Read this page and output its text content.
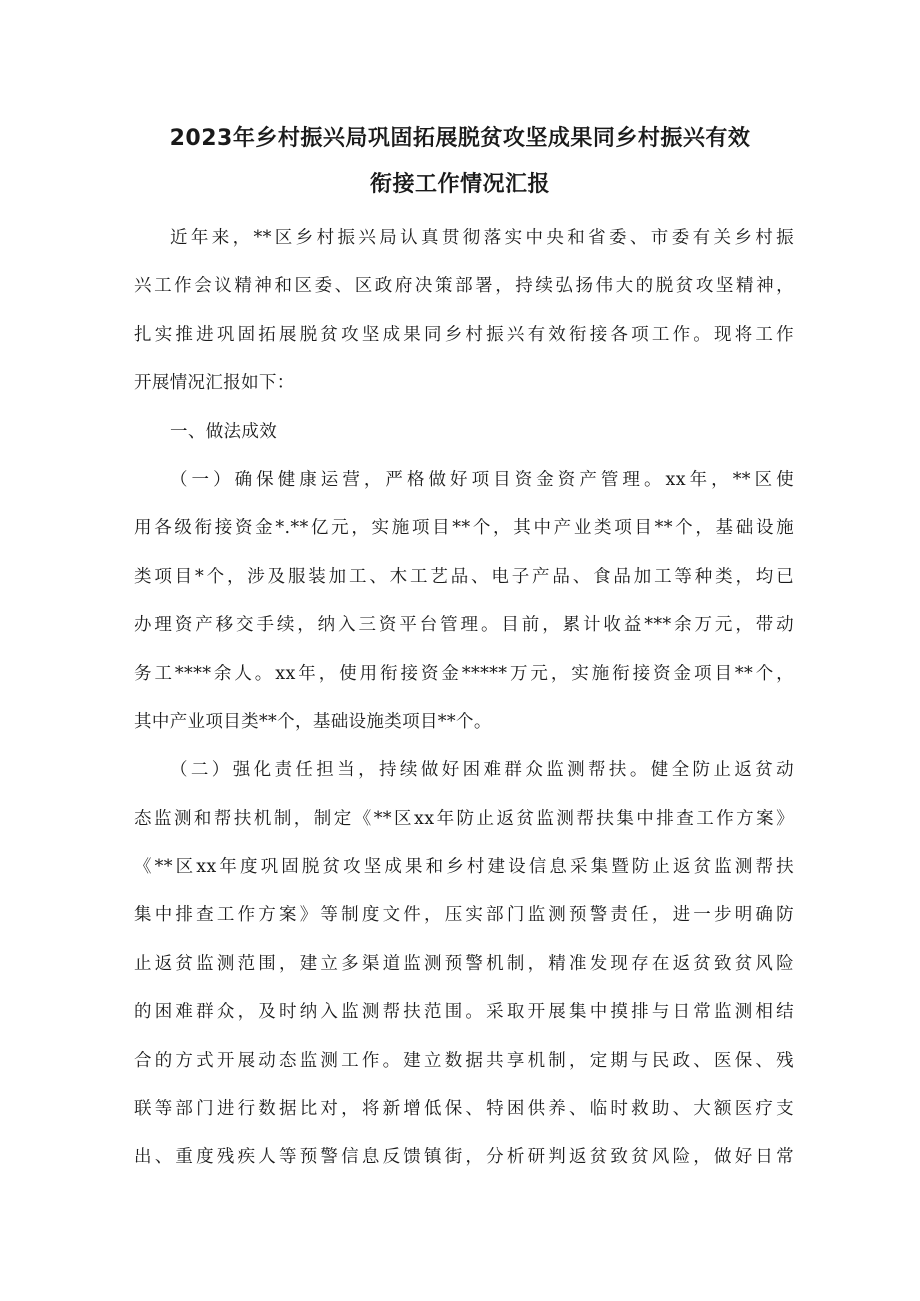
2023年乡村振兴局巩固拓展脱贫攻坚成果同乡村振兴有效
衔接工作情况汇报
近年来，**区乡村振兴局认真贯彻落实中央和省委、市委有关乡村振
兴工作会议精神和区委、区政府决策部署，持续弘扬伟大的脱贫攻坚精神，
扎实推进巩固拓展脱贫攻坚成果同乡村振兴有效衔接各项工作。现将工作
开展情况汇报如下：
一、做法成效
（一）确保健康运营，严格做好项目资金资产管理。xx年，**区使
用各级衔接资金*.**亿元，实施项目**个，其中产业类项目**个，基础设施
类项目*个，涉及服装加工、木工艺品、电子产品、食品加工等种类，均已
办理资产移交手续，纳入三资平台管理。目前，累计收益***余万元，带动
务工****余人。xx年，使用衔接资金*****万元，实施衔接资金项目**个，
其中产业项目类**个，基础设施类项目**个。
（二）强化责任担当，持续做好困难群众监测帮扶。健全防止返贫动
态监测和帮扶机制，制定《**区xx年防止返贫监测帮扶集中排查工作方案》
《**区xx年度巩固脱贫攻坚成果和乡村建设信息采集暨防止返贫监测帮扶
集中排查工作方案》等制度文件，压实部门监测预警责任，进一步明确防
止返贫监测范围，建立多渠道监测预警机制，精准发现存在返贫致贫风险
的困难群众，及时纳入监测帮扶范围。采取开展集中摸排与日常监测相结
合的方式开展动态监测工作。建立数据共享机制，定期与民政、医保、残
联等部门进行数据比对，将新增低保、特困供养、临时救助、大额医疗支
出、重度残疾人等预警信息反馈镇街，分析研判返贫致贫风险，做好日常
